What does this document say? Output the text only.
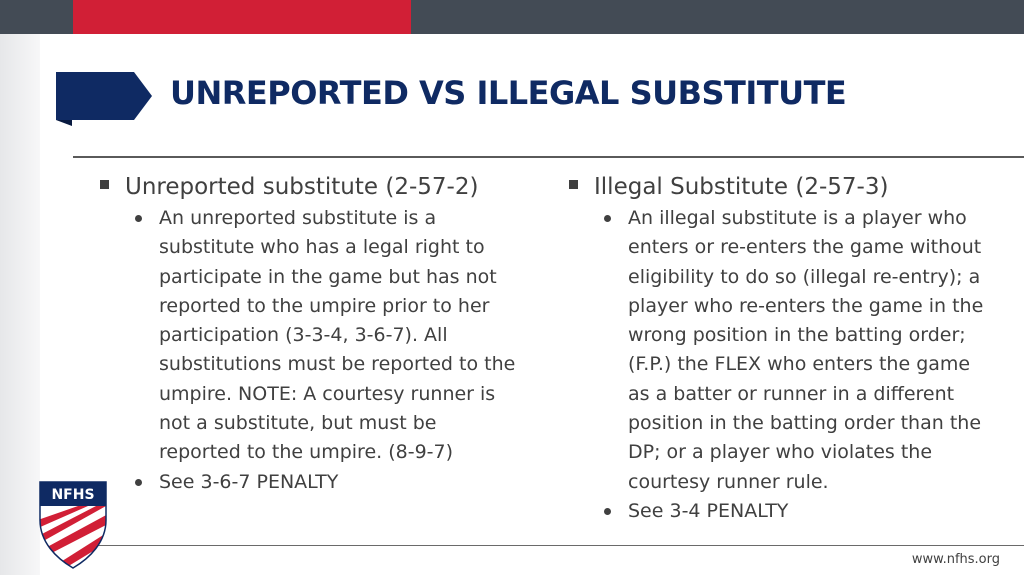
UNREPORTED VS ILLEGAL SUBSTITUTE
Unreported substitute (2-57-2)
An unreported substitute is a
substitute who has a legal right to
participate in the game but has not
reported to the umpire prior to her
participation (3-3-4, 3-6-7). All
substitutions must be reported to the
umpire. NOTE: A courtesy runner is
not a substitute, but must be
reported to the umpire. (8-9-7)
See 3-6-7 PENALTY
Illegal Substitute (2-57-3)
An illegal substitute is a player who
enters or re-enters the game without
eligibility to do so (illegal re-entry); a
player who re-enters the game in the
wrong position in the batting order;
(F.P.) the FLEX who enters the game
as a batter or runner in a different
position in the batting order than the
DP; or a player who violates the
courtesy runner rule.
See 3-4 PENALTY
NFHS
www.nfhs.org
